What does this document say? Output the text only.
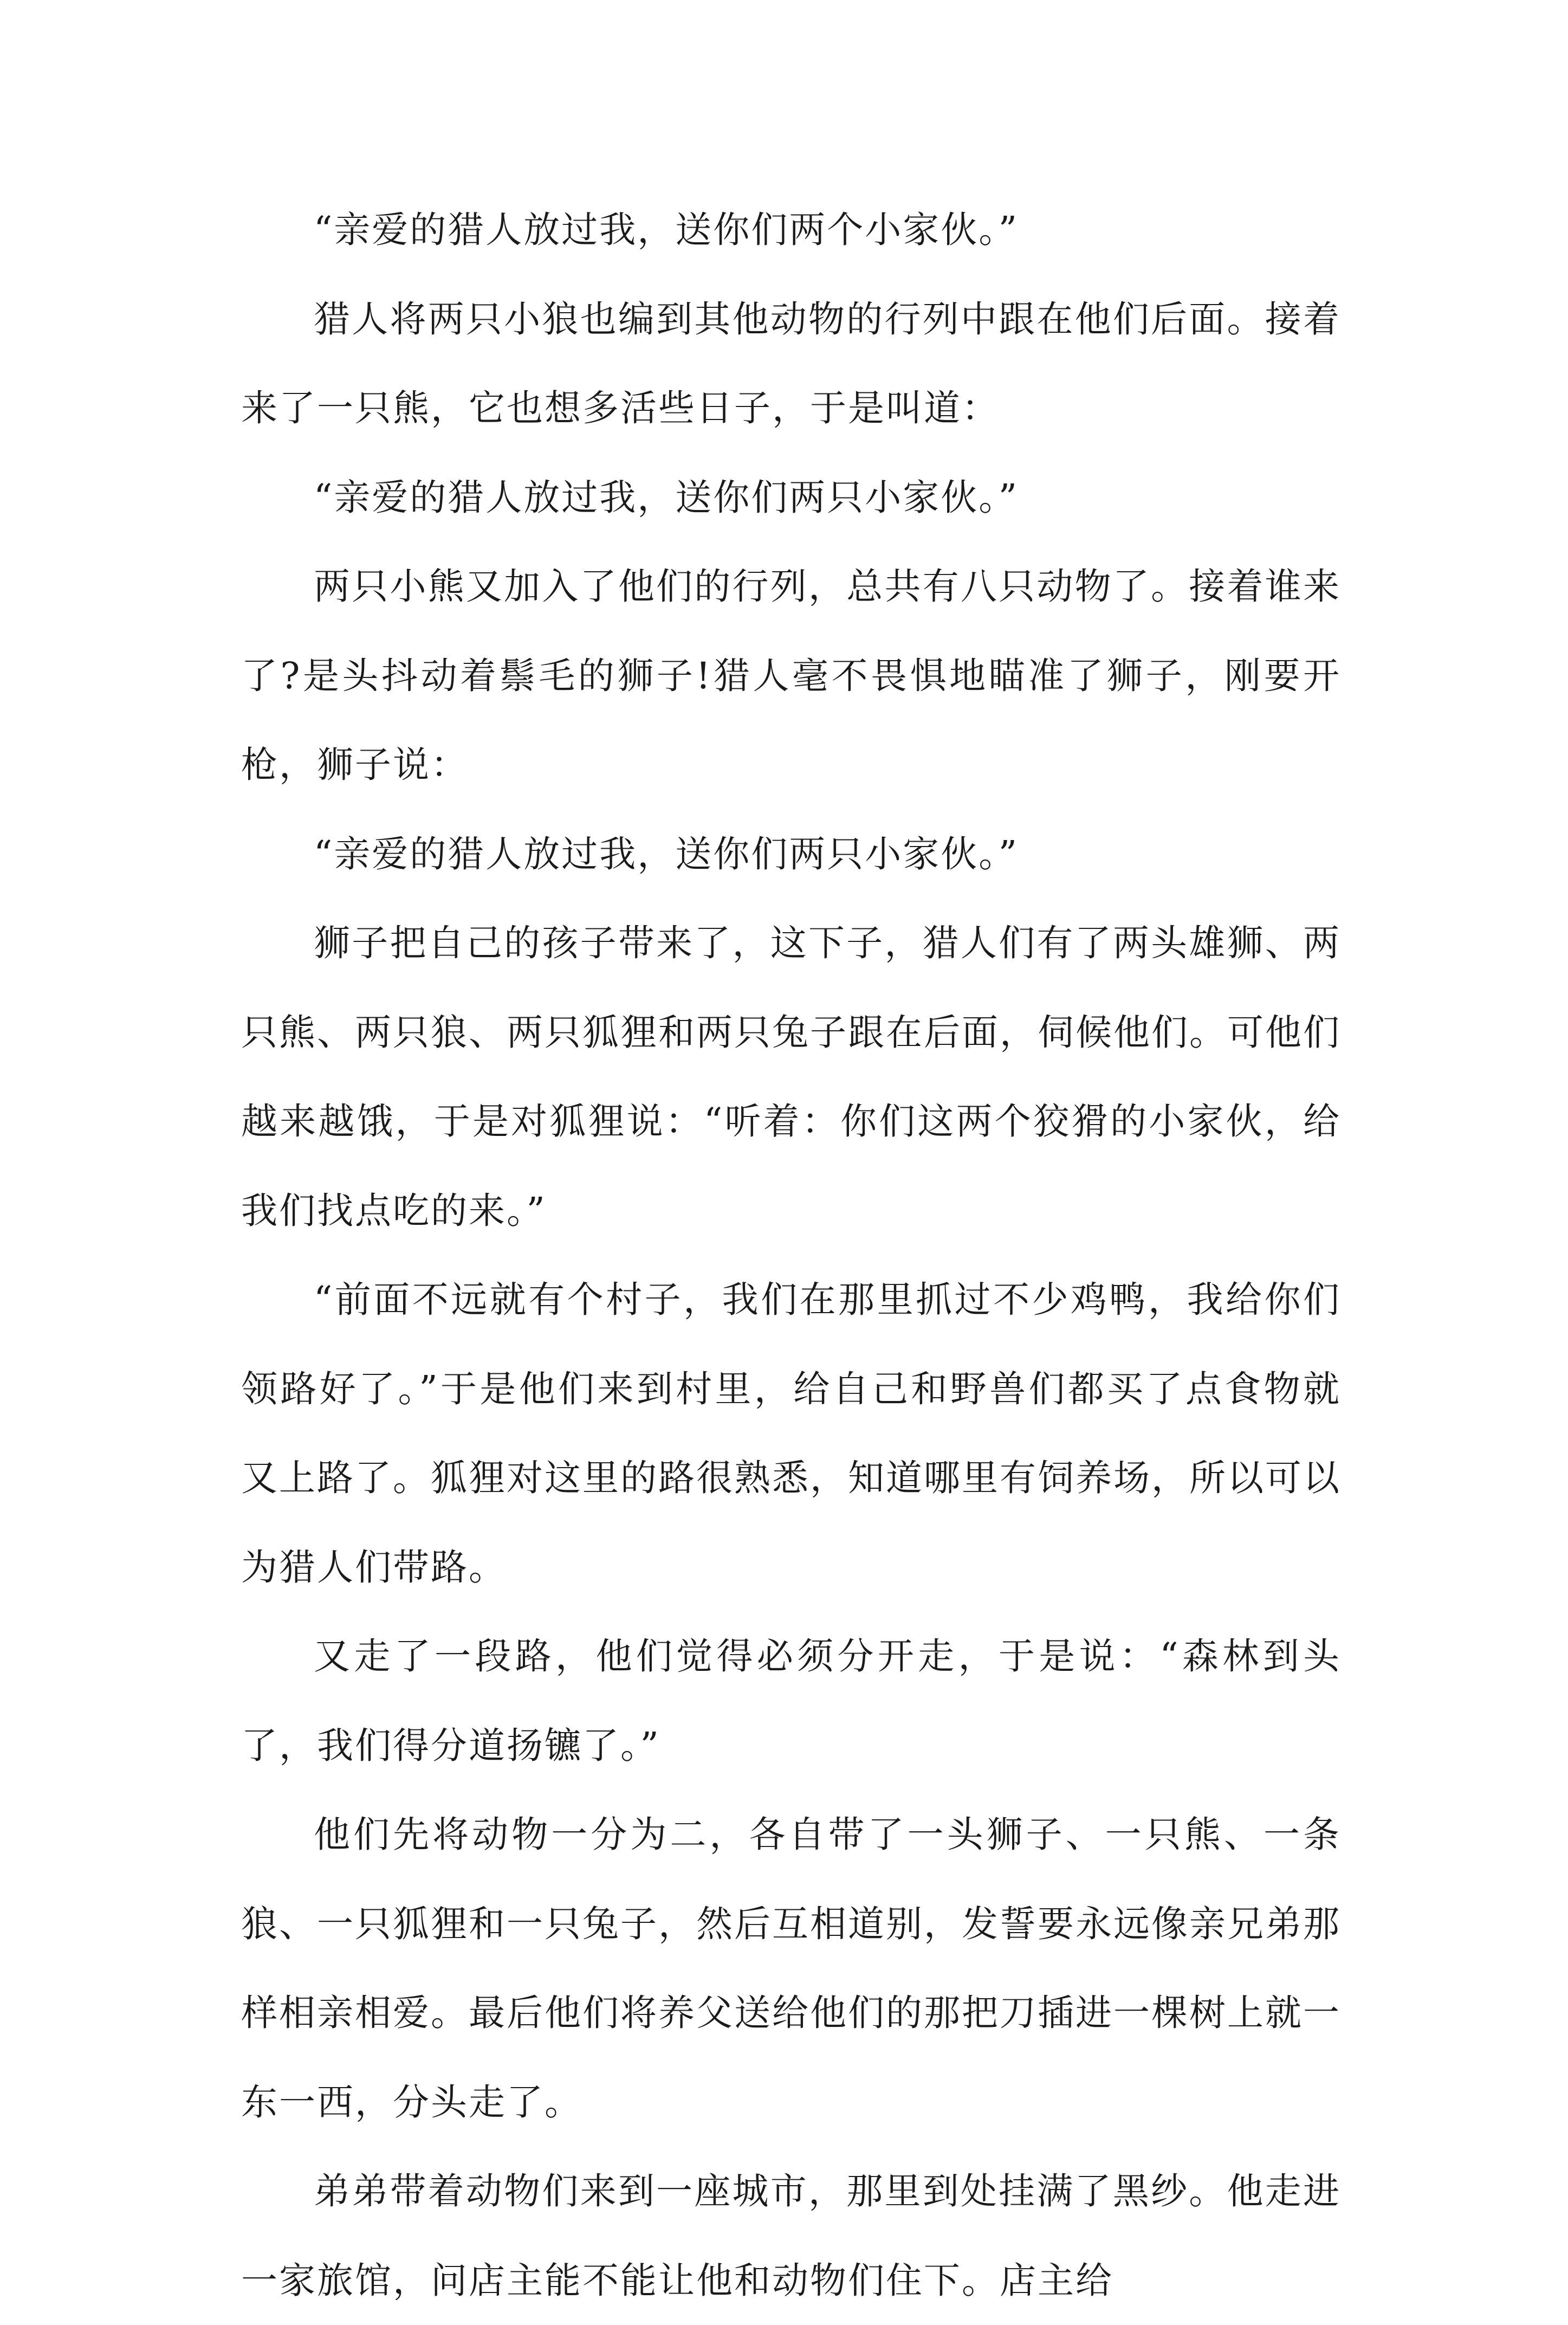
“亲爱的猎人放过我，送你们两个小家伙。”

猎人将两只小狼也编到其他动物的行列中跟在他们后面。接着来了一只熊，它也想多活些日子，于是叫道：

“亲爱的猎人放过我，送你们两只小家伙。”

两只小熊又加入了他们的行列，总共有八只动物了。接着谁来了?是头抖动着鬃毛的狮子!猎人毫不畏惧地瞄准了狮子，刚要开枪，狮子说：

“亲爱的猎人放过我，送你们两只小家伙。”

狮子把自己的孩子带来了，这下子，猎人们有了两头雄狮、两只熊、两只狼、两只狐狸和两只兔子跟在后面，伺候他们。可他们越来越饿，于是对狐狸说：“听着：你们这两个狡猾的小家伙，给我们找点吃的来。”

“前面不远就有个村子，我们在那里抓过不少鸡鸭，我给你们领路好了。”于是他们来到村里，给自己和野兽们都买了点食物就又上路了。狐狸对这里的路很熟悉，知道哪里有饲养场，所以可以为猎人们带路。

又走了一段路，他们觉得必须分开走，于是说：“森林到头了，我们得分道扬镳了。”

他们先将动物一分为二，各自带了一头狮子、一只熊、一条狼、一只狐狸和一只兔子，然后互相道别，发誓要永远像亲兄弟那样相亲相爱。最后他们将养父送给他们的那把刀插进一棵树上就一东一西，分头走了。

弟弟带着动物们来到一座城市，那里到处挂满了黑纱。他走进一家旅馆，问店主能不能让他和动物们住下。店主给
